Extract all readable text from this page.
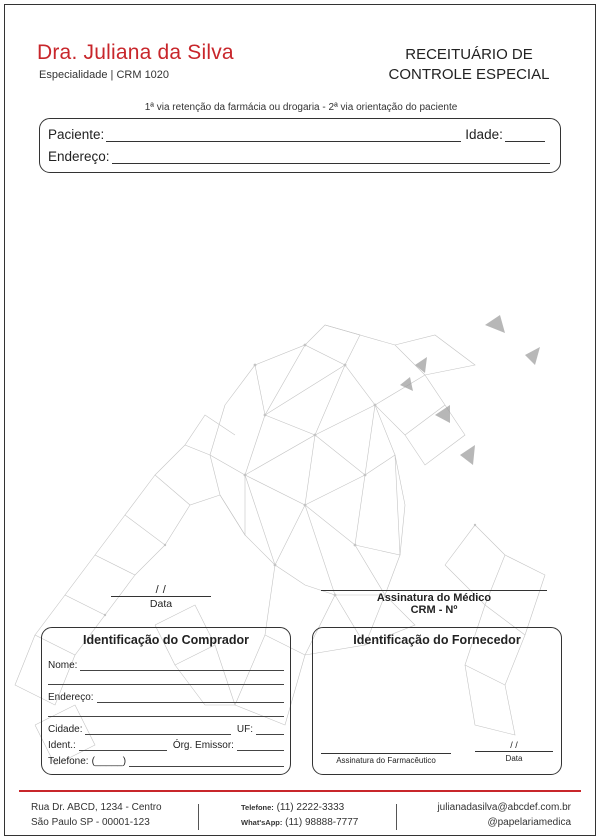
Dra. Juliana da Silva
Especialidade | CRM 1020
RECEITUÁRIO DE
CONTROLE ESPECIAL
1ª via retenção da farmácia ou drogaria - 2ª via orientação do paciente
Paciente:	Idade:
Endereço:
/ /
Data	Assinatura do Médico
CRM - Nº
Identificação do Comprador
Nome:
Endereço:
Cidade:	UF:
Ident.:	Órg. Emissor:
Telefone: (_____)
Identificação do Fornecedor
Assinatura do Farmacêutico
/ /
Data
Rua Dr. ABCD, 1234 - Centro
São Paulo SP - 00001-123
Telefone: (11) 2222-3333
What'sApp: (11) 98888-7777
julianadasilva@abcdef.com.br
@papelariamedica
